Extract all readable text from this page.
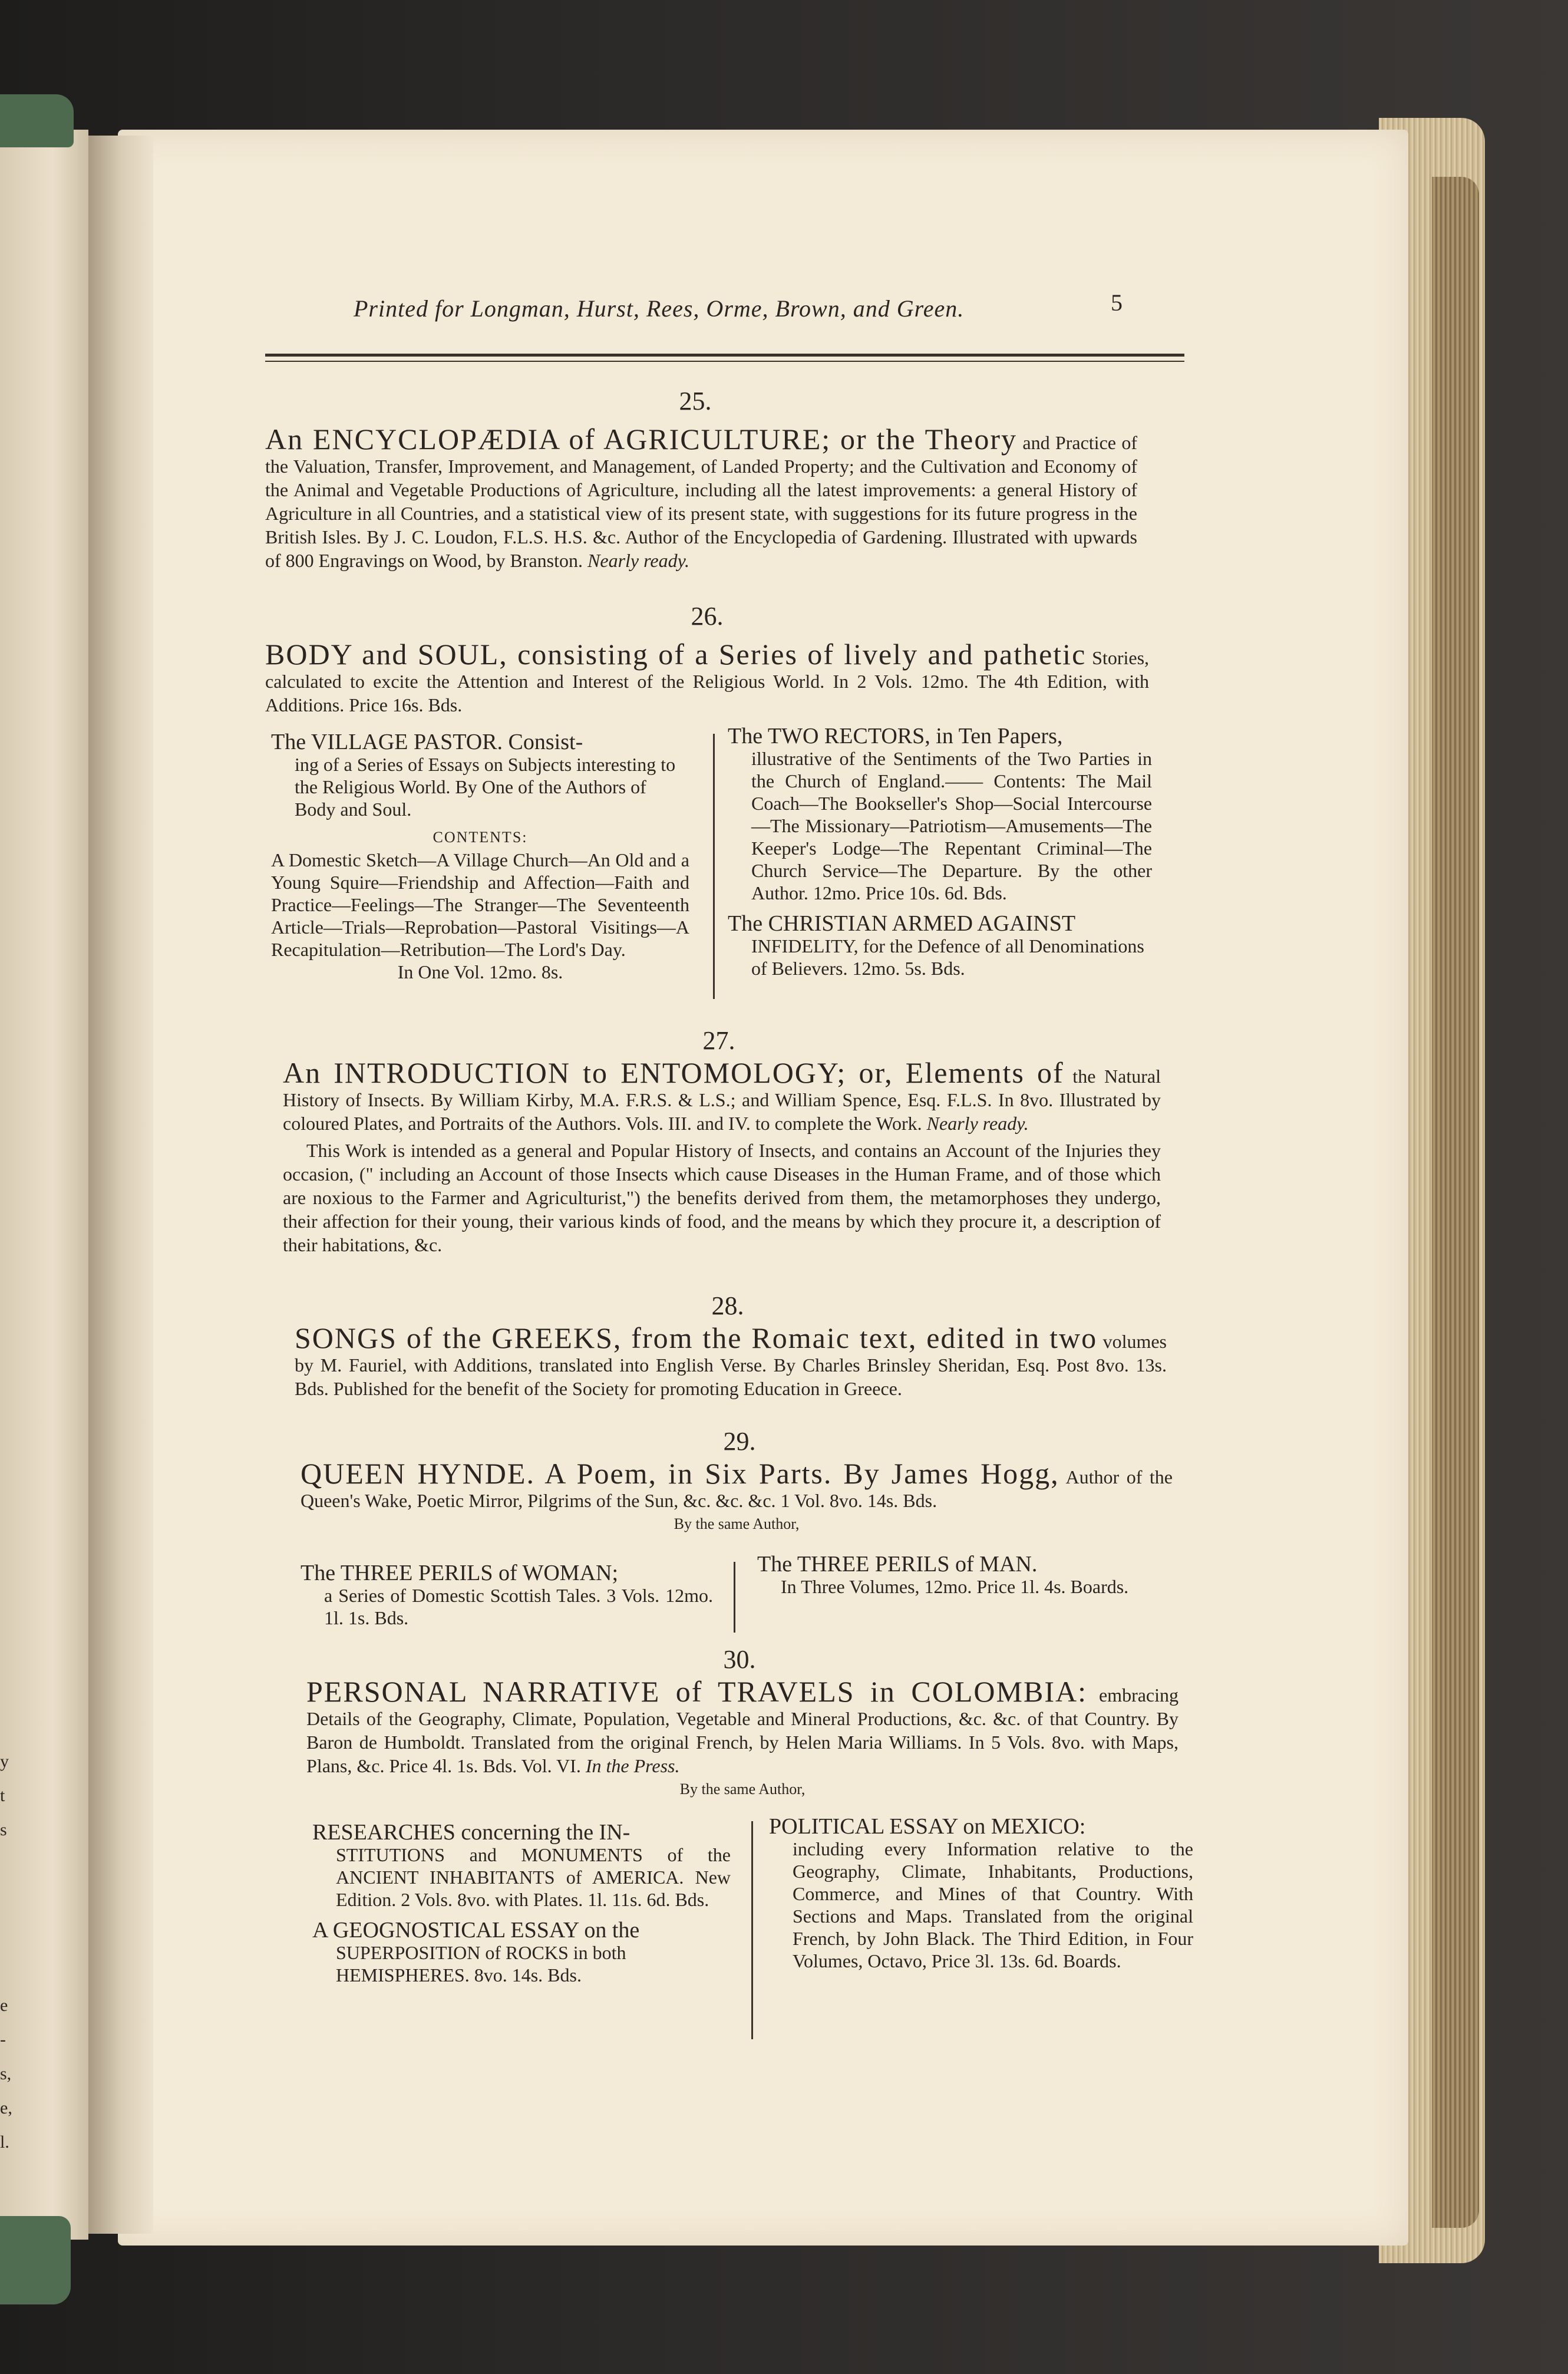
y
t
s
e
-
s,
e,
l.
Printed for Longman, Hurst, Rees, Orme, Brown, and Green.	5
25.
An ENCYCLOPÆDIA of AGRICULTURE; or the Theory and Practice of the Valuation, Transfer, Improvement, and Management, of Landed Property; and the Cultivation and Economy of the Animal and Vegetable Productions of Agriculture, including all the latest improvements: a general History of Agriculture in all Countries, and a statistical view of its present state, with suggestions for its future progress in the British Isles. By J. C. Loudon, F.L.S. H.S. &c. Author of the Encyclopedia of Gardening. Illustrated with upwards of 800 Engravings on Wood, by Branston. Nearly ready.
26.
BODY and SOUL, consisting of a Series of lively and pathetic Stories, calculated to excite the Attention and Interest of the Religious World. In 2 Vols. 12mo. The 4th Edition, with Additions. Price 16s. Bds.
The VILLAGE PASTOR. Consist-
ing of a Series of Essays on Subjects interesting to the Religious World. By One of the Authors of Body and Soul.
CONTENTS:
A Domestic Sketch—A Village Church—An Old and a Young Squire—Friendship and Affection—Faith and Practice—Feelings—The Stranger—The Seventeenth Article—Trials—Reprobation—Pastoral Visitings—A Recapitulation—Retribution—The Lord's Day.
In One Vol. 12mo. 8s.
The TWO RECTORS, in Ten Papers,
illustrative of the Sentiments of the Two Parties in the Church of England.—— Contents: The Mail Coach—The Bookseller's Shop—Social Intercourse—The Missionary—Patriotism—Amusements—The Keeper's Lodge—The Repentant Criminal—The Church Service—The Departure. By the other Author. 12mo. Price 10s. 6d. Bds.
The CHRISTIAN ARMED AGAINST
INFIDELITY, for the Defence of all Denominations of Believers. 12mo. 5s. Bds.
27.
An INTRODUCTION to ENTOMOLOGY; or, Elements of the Natural History of Insects. By William Kirby, M.A. F.R.S. & L.S.; and William Spence, Esq. F.L.S. In 8vo. Illustrated by coloured Plates, and Portraits of the Authors. Vols. III. and IV. to complete the Work. Nearly ready.
This Work is intended as a general and Popular History of Insects, and contains an Account of the Injuries they occasion, (" including an Account of those Insects which cause Diseases in the Human Frame, and of those which are noxious to the Farmer and Agriculturist,") the benefits derived from them, the metamorphoses they undergo, their affection for their young, their various kinds of food, and the means by which they procure it, a description of their habitations, &c.
28.
SONGS of the GREEKS, from the Romaic text, edited in two volumes by M. Fauriel, with Additions, translated into English Verse. By Charles Brinsley Sheridan, Esq. Post 8vo. 13s. Bds. Published for the benefit of the Society for promoting Education in Greece.
29.
QUEEN HYNDE. A Poem, in Six Parts. By James Hogg, Author of the Queen's Wake, Poetic Mirror, Pilgrims of the Sun, &c. &c. &c. 1 Vol. 8vo. 14s. Bds.
By the same Author,
The THREE PERILS of WOMAN;
a Series of Domestic Scottish Tales. 3 Vols. 12mo. 1l. 1s. Bds.
The THREE PERILS of MAN.
In Three Volumes, 12mo. Price 1l. 4s. Boards.
30.
PERSONAL NARRATIVE of TRAVELS in COLOMBIA: embracing Details of the Geography, Climate, Population, Vegetable and Mineral Productions, &c. &c. of that Country. By Baron de Humboldt. Translated from the original French, by Helen Maria Williams. In 5 Vols. 8vo. with Maps, Plans, &c. Price 4l. 1s. Bds. Vol. VI. In the Press.
By the same Author,
RESEARCHES concerning the IN-
STITUTIONS and MONUMENTS of the ANCIENT INHABITANTS of AMERICA. New Edition. 2 Vols. 8vo. with Plates. 1l. 11s. 6d. Bds.
A GEOGNOSTICAL ESSAY on the
SUPERPOSITION of ROCKS in both HEMISPHERES. 8vo. 14s. Bds.
POLITICAL ESSAY on MEXICO:
including every Information relative to the Geography, Climate, Inhabitants, Productions, Commerce, and Mines of that Country. With Sections and Maps. Translated from the original French, by John Black. The Third Edition, in Four Volumes, Octavo, Price 3l. 13s. 6d. Boards.
